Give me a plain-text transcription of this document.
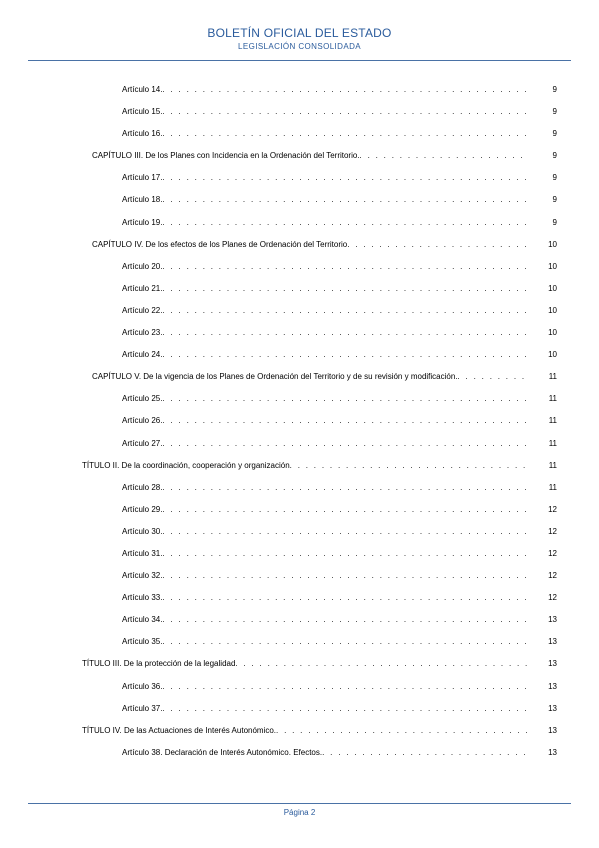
BOLETÍN OFICIAL DEL ESTADO
LEGISLACIÓN CONSOLIDADA
Artículo 14. . . .	9
Artículo 15. . . .	9
Artículo 16. . . .	9
CAPÍTULO III. De los Planes con Incidencia en la Ordenación del Territorio. . . .	9
Artículo 17. . . .	9
Artículo 18. . . .	9
Artículo 19. . . .	9
CAPÍTULO IV. De los efectos de los Planes de Ordenación del Territorio . . .	10
Artículo 20. . . .	10
Artículo 21. . . .	10
Artículo 22. . . .	10
Artículo 23. . . .	10
Artículo 24. . . .	10
CAPÍTULO V. De la vigencia de los Planes de Ordenación del Territorio y de su revisión y modificación. . . .	11
Artículo 25. . . .	11
Artículo 26. . . .	11
Artículo 27. . . .	11
TÍTULO II. De la coordinación, cooperación y organización . . .	11
Artículo 28. . . .	11
Artículo 29. . . .	12
Artículo 30. . . .	12
Artículo 31. . . .	12
Artículo 32. . . .	12
Artículo 33. . . .	12
Artículo 34. . . .	13
Artículo 35. . . .	13
TÍTULO III. De la protección de la legalidad . . .	13
Artículo 36. . . .	13
Artículo 37. . . .	13
TÍTULO IV. De las Actuaciones de Interés Autonómico. . . .	13
Artículo 38. Declaración de Interés Autonómico. Efectos. . . .	13
Página 2
